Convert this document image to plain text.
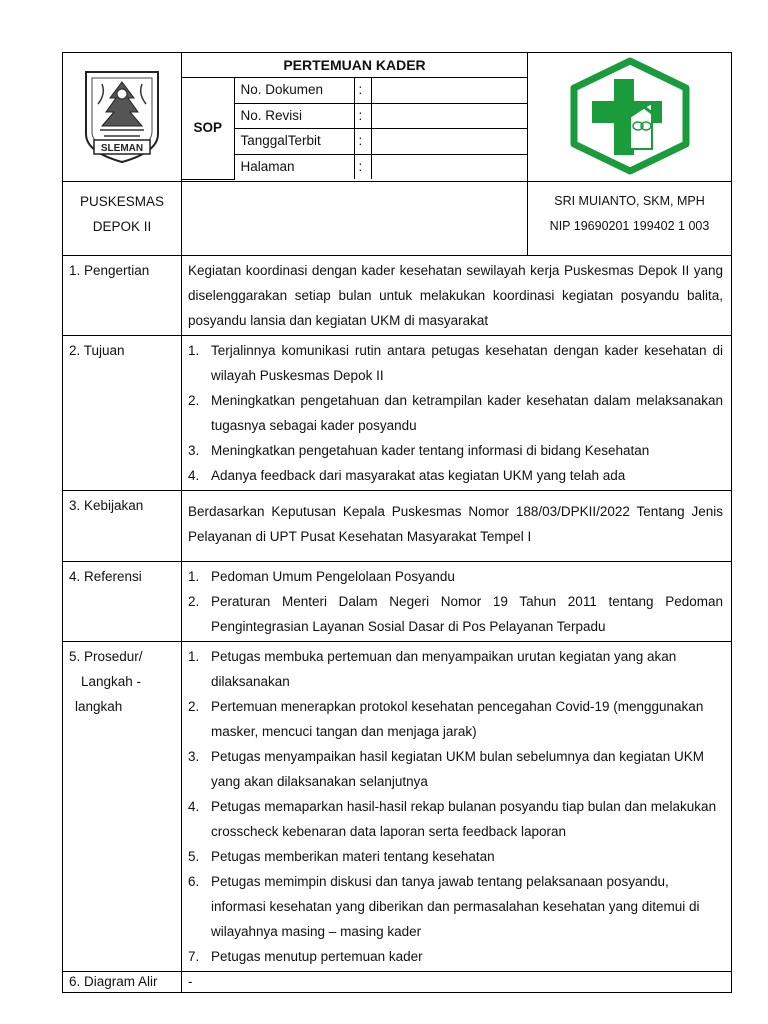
SLEMAN

PERTEMUAN KADER
SOP	No. Dokumen	:	
No. Revisi	:	
TanggalTerbit	:	
Halaman	:	

PUSKESMAS
DEPOK II

SRI MUIANTO, SKM, MPH
NIP 19690201 199402 1 003

1. Pengertian	Kegiatan koordinasi dengan kader kesehatan sewilayah kerja Puskesmas Depok II yang diselenggarakan setiap bulan untuk melakukan koordinasi kegiatan posyandu balita, posyandu lansia dan kegiatan UKM di masyarakat
2. Tujuan	1. Terjalinnya komunikasi rutin antara petugas kesehatan dengan kader kesehatan di wilayah Puskesmas Depok II
2. Meningkatkan pengetahuan dan ketrampilan kader kesehatan dalam melaksanakan tugasnya sebagai kader posyandu
3. Meningkatkan pengetahuan kader tentang informasi di bidang Kesehatan
4. Adanya feedback dari masyarakat atas kegiatan UKM yang telah ada

3. Kebijakan	Berdasarkan Keputusan Kepala Puskesmas Nomor 188/03/DPKII/2022 Tentang Jenis Pelayanan di UPT Pusat Kesehatan Masyarakat Tempel I
4. Referensi	1. Pedoman Umum Pengelolaan Posyandu
2. Peraturan Menteri Dalam Negeri Nomor 19 Tahun 2011 tentang Pedoman Pengintegrasian Layanan Sosial Dasar di Pos Pelayanan Terpadu

5. Prosedur/
Langkah -
langkah

1. Petugas membuka pertemuan dan menyampaikan urutan kegiatan yang akan dilaksanakan
2. Pertemuan menerapkan protokol kesehatan pencegahan Covid-19 (menggunakan masker, mencuci tangan dan menjaga jarak)
3. Petugas menyampaikan hasil kegiatan UKM bulan sebelumnya dan kegiatan UKM yang akan dilaksanakan selanjutnya
4. Petugas memaparkan hasil-hasil rekap bulanan posyandu tiap bulan dan melakukan crosscheck kebenaran data laporan serta feedback laporan
5. Petugas memberikan materi tentang kesehatan
6. Petugas memimpin diskusi dan tanya jawab tentang pelaksanaan posyandu, informasi kesehatan yang diberikan dan permasalahan kesehatan yang ditemui di wilayahnya masing – masing kader
7. Petugas menutup pertemuan kader

6. Diagram Alir	-
